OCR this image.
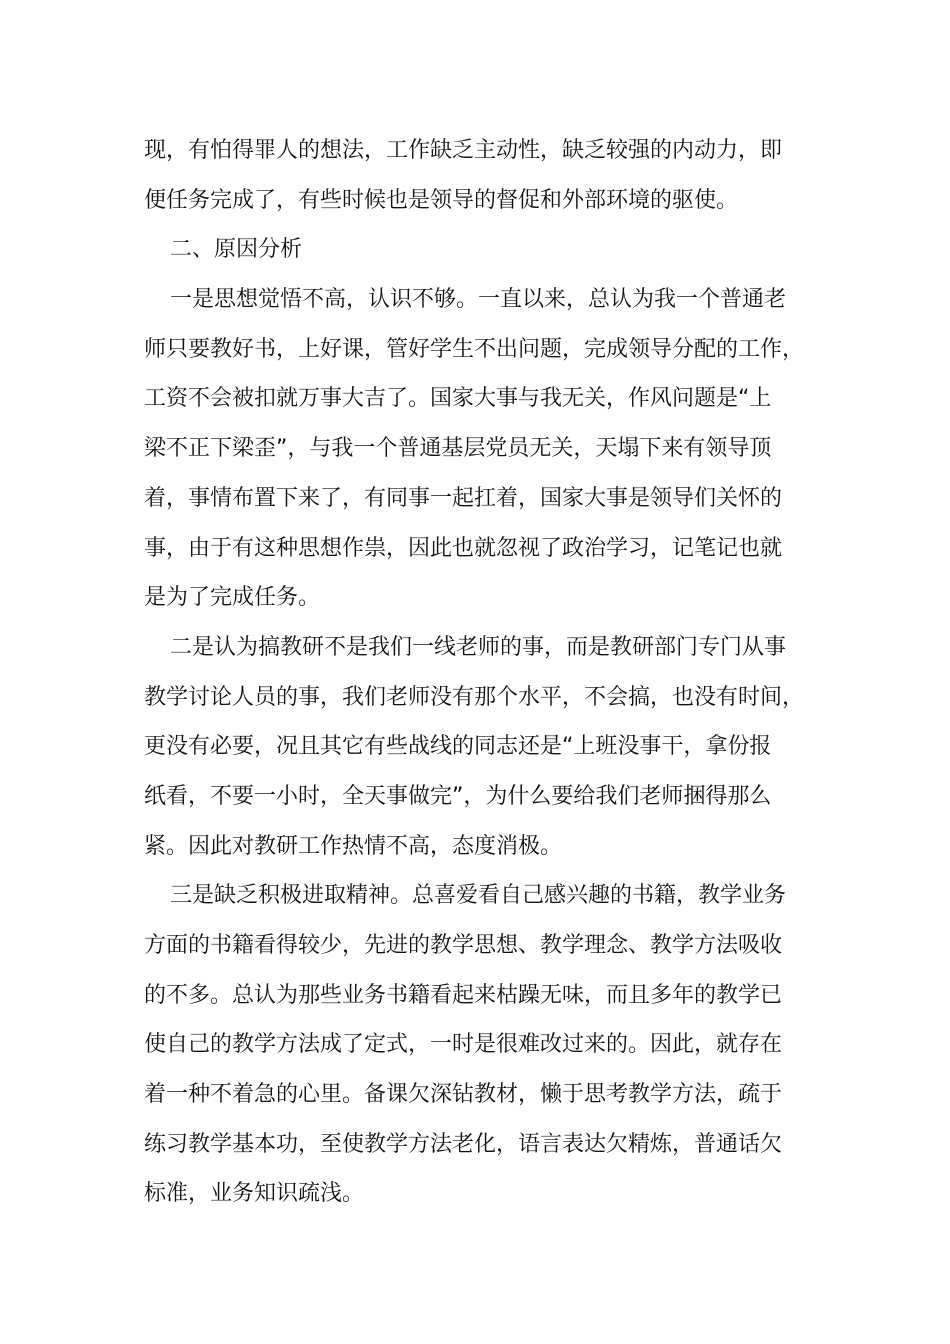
现，有怕得罪人的想法，工作缺乏主动性，缺乏较强的内动力，即
便任务完成了，有些时候也是领导的督促和外部环境的驱使。
二、原因分析
一是思想觉悟不高，认识不够。一直以来，总认为我一个普通老
师只要教好书，上好课，管好学生不出问题，完成领导分配的工作，
工资不会被扣就万事大吉了。国家大事与我无关，作风问题是“上
梁不正下梁歪”，与我一个普通基层党员无关，天塌下来有领导顶
着，事情布置下来了，有同事一起扛着，国家大事是领导们关怀的
事，由于有这种思想作祟，因此也就忽视了政治学习，记笔记也就
是为了完成任务。
二是认为搞教研不是我们一线老师的事，而是教研部门专门从事
教学讨论人员的事，我们老师没有那个水平，不会搞，也没有时间，
更没有必要，况且其它有些战线的同志还是“上班没事干，拿份报
纸看，不要一小时，全天事做完”，为什么要给我们老师捆得那么
紧。因此对教研工作热情不高，态度消极。
三是缺乏积极进取精神。总喜爱看自己感兴趣的书籍，教学业务
方面的书籍看得较少，先进的教学思想、教学理念、教学方法吸收
的不多。总认为那些业务书籍看起来枯躁无味，而且多年的教学已
使自己的教学方法成了定式，一时是很难改过来的。因此，就存在
着一种不着急的心里。备课欠深钻教材，懒于思考教学方法，疏于
练习教学基本功，至使教学方法老化，语言表达欠精炼，普通话欠
标准，业务知识疏浅。
